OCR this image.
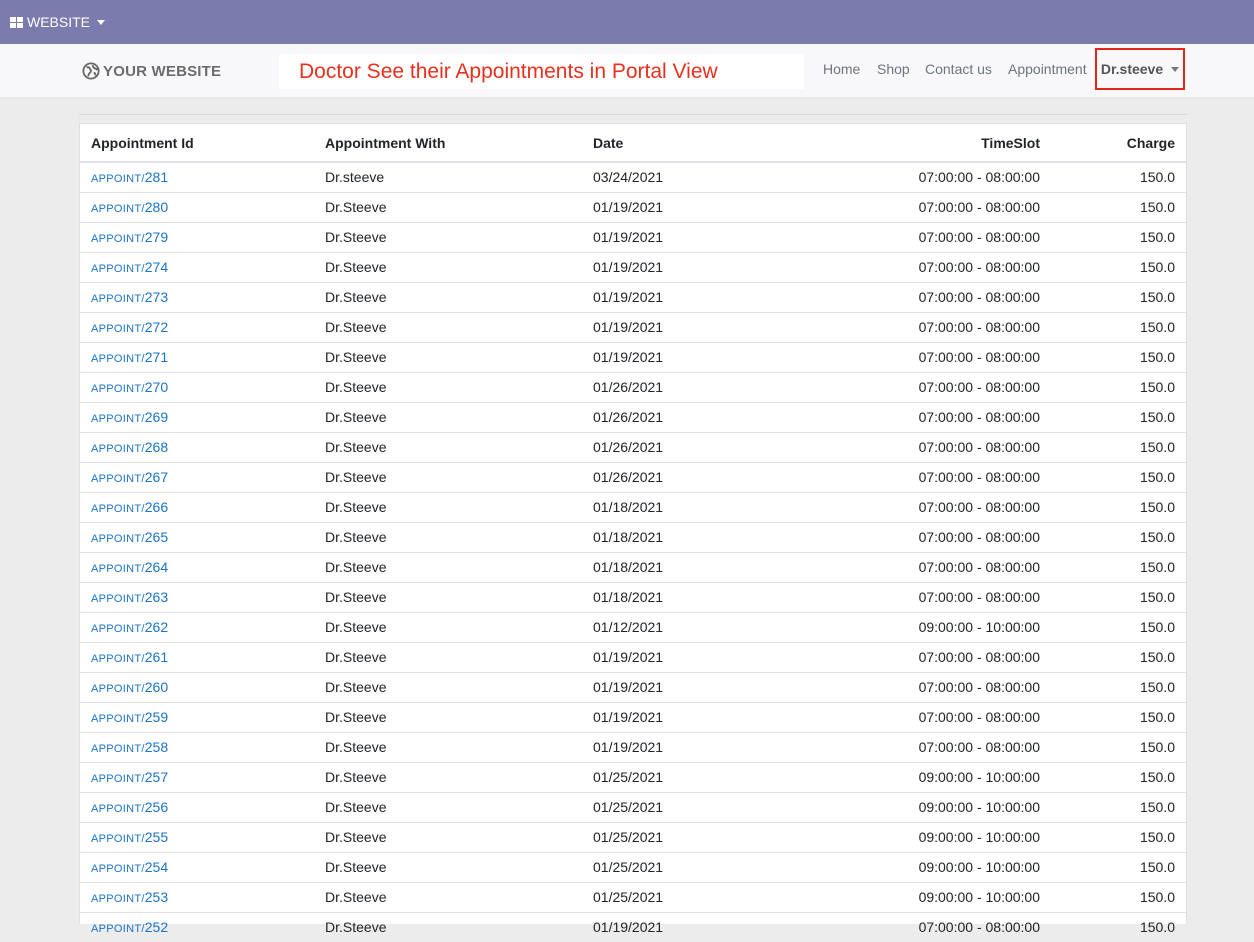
WEBSITE
YOUR WEBSITE	Doctor See their Appointments in Portal View	Home Shop Contact us Appointment Dr.steeve
Appointment Id	Appointment With	Date	TimeSlot	Charge
APPOINT/281	Dr.steeve	03/24/2021	07:00:00 - 08:00:00	150.0
APPOINT/280	Dr.Steeve	01/19/2021	07:00:00 - 08:00:00	150.0
APPOINT/279	Dr.Steeve	01/19/2021	07:00:00 - 08:00:00	150.0
APPOINT/274	Dr.Steeve	01/19/2021	07:00:00 - 08:00:00	150.0
APPOINT/273	Dr.Steeve	01/19/2021	07:00:00 - 08:00:00	150.0
APPOINT/272	Dr.Steeve	01/19/2021	07:00:00 - 08:00:00	150.0
APPOINT/271	Dr.Steeve	01/19/2021	07:00:00 - 08:00:00	150.0
APPOINT/270	Dr.Steeve	01/26/2021	07:00:00 - 08:00:00	150.0
APPOINT/269	Dr.Steeve	01/26/2021	07:00:00 - 08:00:00	150.0
APPOINT/268	Dr.Steeve	01/26/2021	07:00:00 - 08:00:00	150.0
APPOINT/267	Dr.Steeve	01/26/2021	07:00:00 - 08:00:00	150.0
APPOINT/266	Dr.Steeve	01/18/2021	07:00:00 - 08:00:00	150.0
APPOINT/265	Dr.Steeve	01/18/2021	07:00:00 - 08:00:00	150.0
APPOINT/264	Dr.Steeve	01/18/2021	07:00:00 - 08:00:00	150.0
APPOINT/263	Dr.Steeve	01/18/2021	07:00:00 - 08:00:00	150.0
APPOINT/262	Dr.Steeve	01/12/2021	09:00:00 - 10:00:00	150.0
APPOINT/261	Dr.Steeve	01/19/2021	07:00:00 - 08:00:00	150.0
APPOINT/260	Dr.Steeve	01/19/2021	07:00:00 - 08:00:00	150.0
APPOINT/259	Dr.Steeve	01/19/2021	07:00:00 - 08:00:00	150.0
APPOINT/258	Dr.Steeve	01/19/2021	07:00:00 - 08:00:00	150.0
APPOINT/257	Dr.Steeve	01/25/2021	09:00:00 - 10:00:00	150.0
APPOINT/256	Dr.Steeve	01/25/2021	09:00:00 - 10:00:00	150.0
APPOINT/255	Dr.Steeve	01/25/2021	09:00:00 - 10:00:00	150.0
APPOINT/254	Dr.Steeve	01/25/2021	09:00:00 - 10:00:00	150.0
APPOINT/253	Dr.Steeve	01/25/2021	09:00:00 - 10:00:00	150.0
APPOINT/252	Dr.Steeve	01/19/2021	07:00:00 - 08:00:00	150.0
